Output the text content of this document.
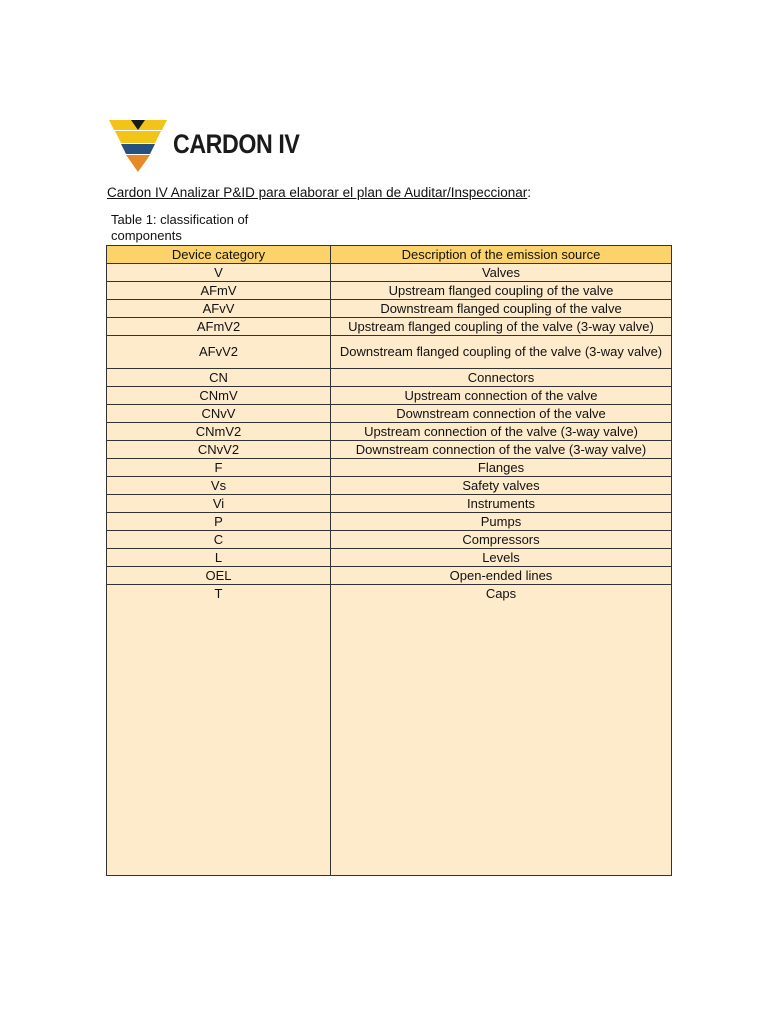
CARDON IV
Cardon IV Analizar P&ID para elaborar el plan de Auditar/Inspeccionar:
Table 1: classification of components
Device category	Description of the emission source
V	Valves
AFmV	Upstream flanged coupling of the valve
AFvV	Downstream flanged coupling of the valve
AFmV2	Upstream flanged coupling of the valve (3-way valve)
AFvV2	Downstream flanged coupling of the valve (3-way valve)
CN	Connectors
CNmV	Upstream connection of the valve
CNvV	Downstream connection of the valve
CNmV2	Upstream connection of the valve (3-way valve)
CNvV2	Downstream connection of the valve (3-way valve)
F	Flanges
Vs	Safety valves
Vi	Instruments
P	Pumps
C	Compressors
L	Levels
OEL	Open-ended lines
T	Caps
